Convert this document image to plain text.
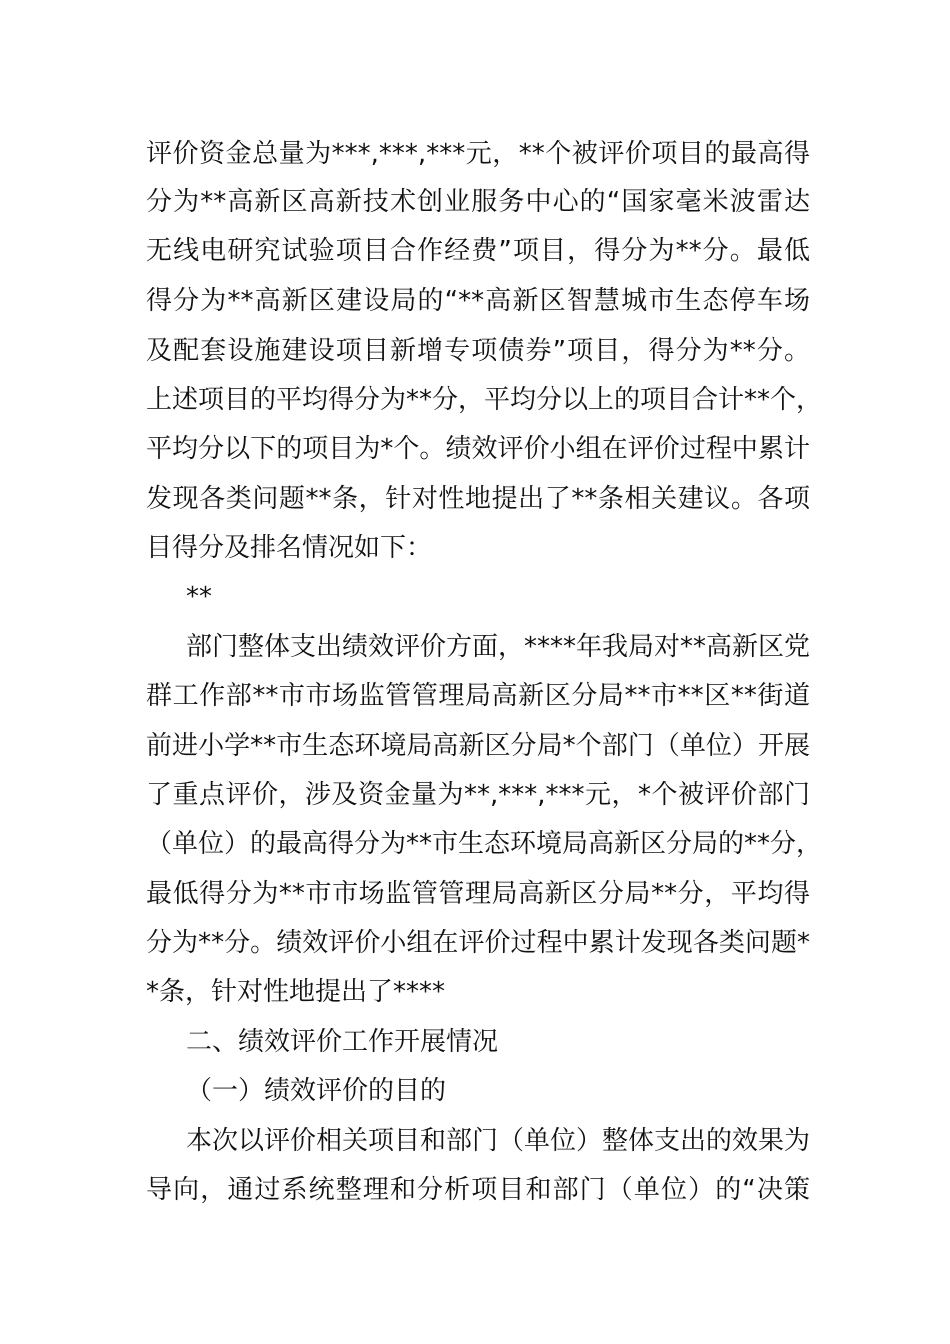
评价资金总量为***,***,***元，**个被评价项目的最高得
分为**高新区高新技术创业服务中心的“国家毫米波雷达
无线电研究试验项目合作经费”项目，得分为**分。最低
得分为**高新区建设局的“**高新区智慧城市生态停车场
及配套设施建设项目新增专项债券”项目，得分为**分。
上述项目的平均得分为**分，平均分以上的项目合计**个，
平均分以下的项目为*个。绩效评价小组在评价过程中累计
发现各类问题**条，针对性地提出了**条相关建议。各项
目得分及排名情况如下：
**
部门整体支出绩效评价方面，****年我局对**高新区党
群工作部**市市场监管管理局高新区分局**市**区**街道
前进小学**市生态环境局高新区分局*个部门（单位）开展
了重点评价，涉及资金量为**,***,***元，*个被评价部门
（单位）的最高得分为**市生态环境局高新区分局的**分，
最低得分为**市市场监管管理局高新区分局**分，平均得
分为**分。绩效评价小组在评价过程中累计发现各类问题*
*条，针对性地提出了****
二、绩效评价工作开展情况
（一）绩效评价的目的
本次以评价相关项目和部门（单位）整体支出的效果为
导向，通过系统整理和分析项目和部门（单位）的“决策
